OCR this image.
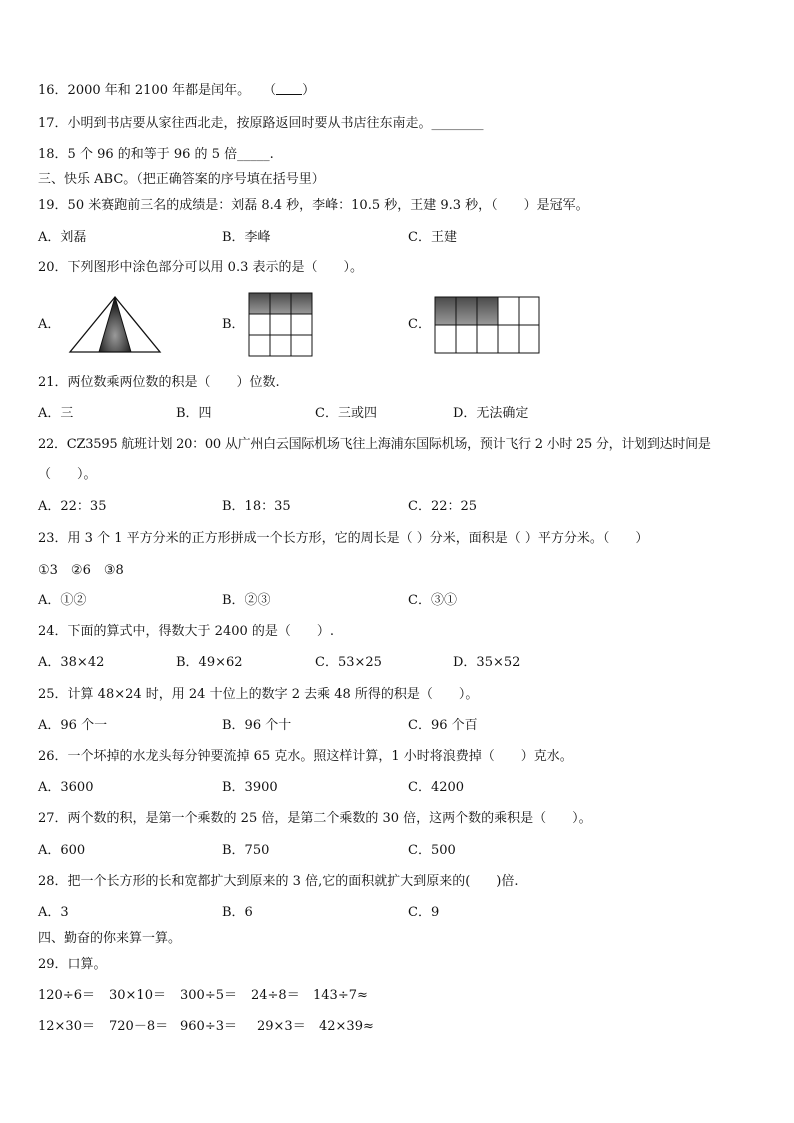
16．2000 年和 2100 年都是闰年。　　（　　 ）
17．小明到书店要从家往西北走，按原路返回时要从书店往东南走。________
18．5 个 96 的和等于 96 的 5 倍_____.
三、快乐 ABC。（把正确答案的序号填在括号里）
19．50 米赛跑前三名的成绩是：刘磊 8.4 秒，李峰：10.5 秒，王建 9.3 秒，（　　）是冠军。
A．刘磊	B．李峰	C．王建
20．下列图形中涂色部分可以用 0.3 表示的是（　　）。
A．	B．	C．
21．两位数乘两位数的积是（　　）位数.
A．三	B．四	C．三或四	D．无法确定
22．CZ3595 航班计划 20：00 从广州白云国际机场飞往上海浦东国际机场，预计飞行 2 小时 25 分，计划到达时间是
（　　）。
A．22：35	B．18：35	C．22：25
23．用 3 个 1 平方分米的正方形拼成一个长方形，它的周长是（ ）分米，面积是（ ）平方分米。（　　）
①3　②6　③8
A．①②	B．②③	C．③①
24．下面的算式中，得数大于 2400 的是（　　）.
A．38×42	B．49×62	C．53×25	D．35×52
25．计算 48×24 时，用 24 十位上的数字 2 去乘 48 所得的积是（　　）。
A．96 个一	B．96 个十	C．96 个百
26．一个坏掉的水龙头每分钟要流掉 65 克水。照这样计算，1 小时将浪费掉（　　）克水。
A．3600	B．3900	C．4200
27．两个数的积，是第一个乘数的 25 倍，是第二个乘数的 30 倍，这两个数的乘积是（　　）。
A．600	B．750	C．500
28．把一个长方形的长和宽都扩大到原来的 3 倍,它的面积就扩大到原来的(　　)倍.
A．3	B．6	C．9
四、勤奋的你来算一算。
29．口算。
120÷6＝ 30×10＝ 300÷5＝ 24÷8＝ 143÷7≈
12×30＝ 720－8＝ 960÷3＝ 29×3＝ 42×39≈
